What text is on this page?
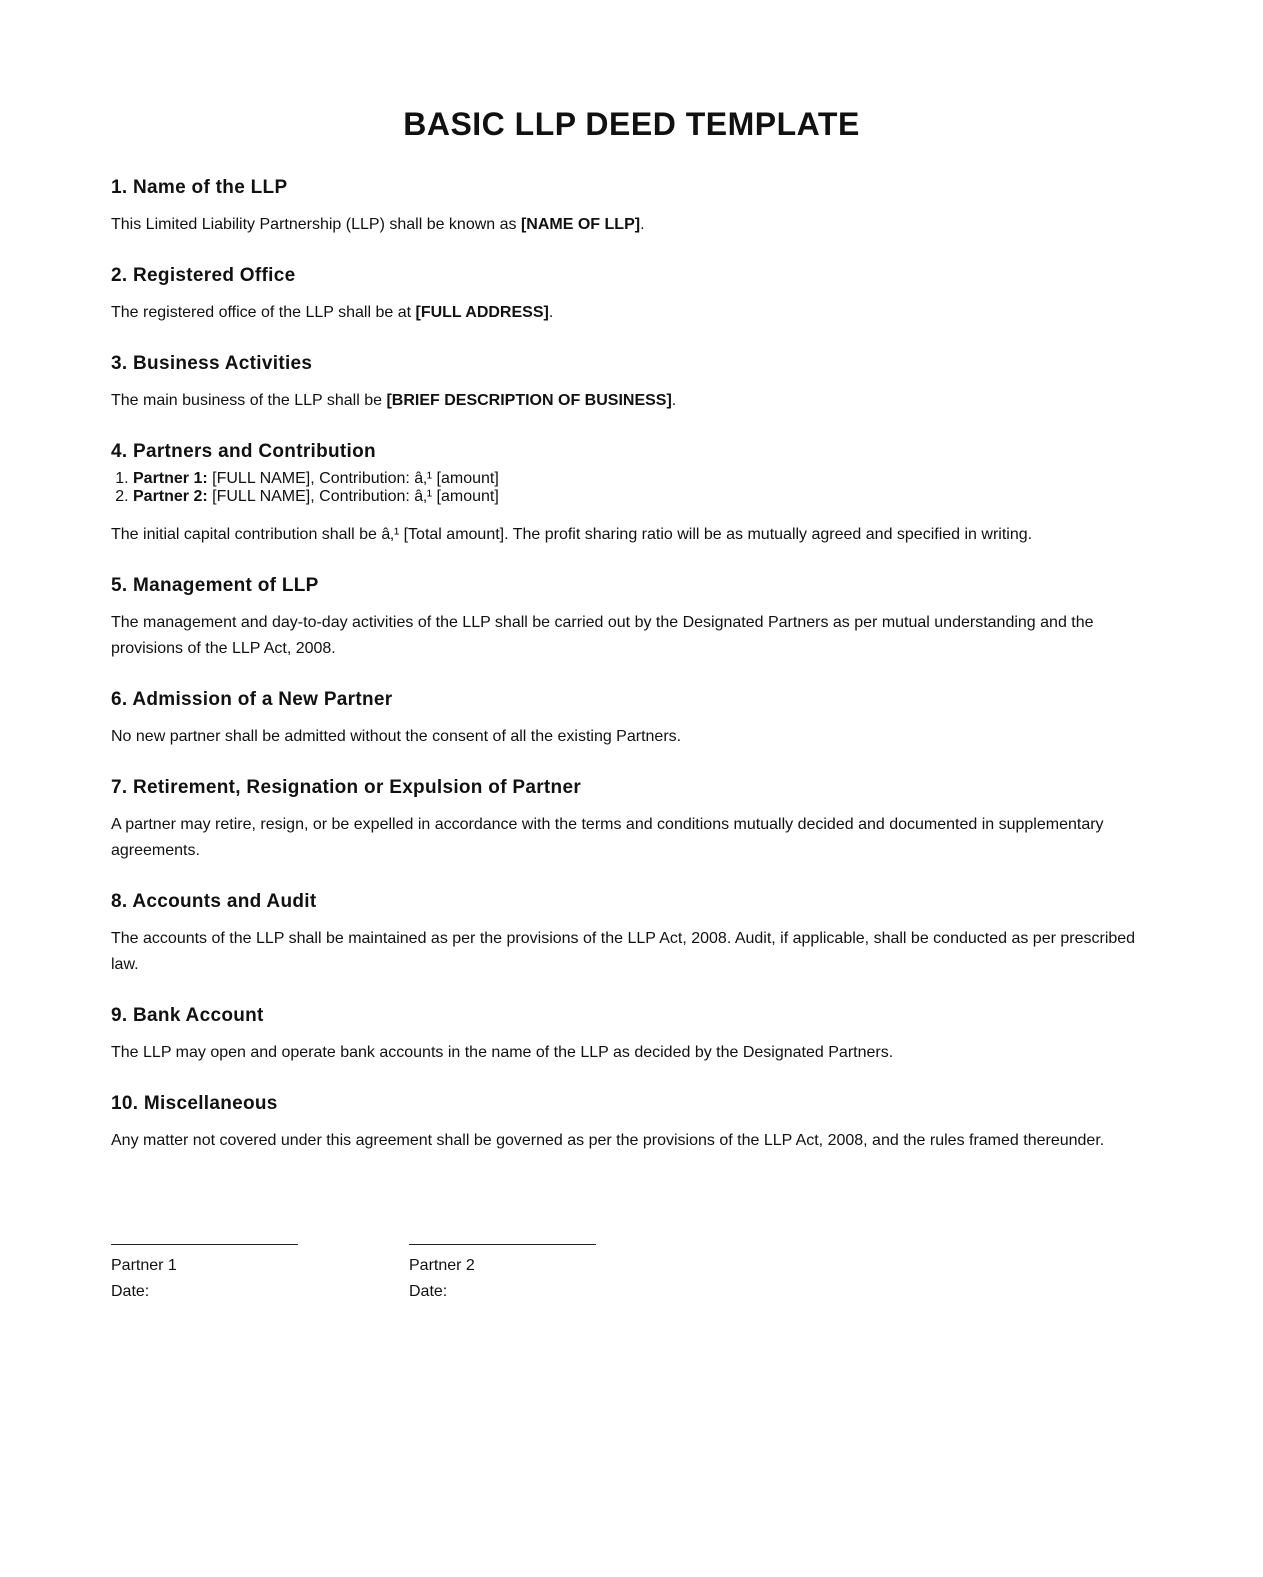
BASIC LLP DEED TEMPLATE
1. Name of the LLP

This Limited Liability Partnership (LLP) shall be known as [NAME OF LLP].

2. Registered Office

The registered office of the LLP shall be at [FULL ADDRESS].

3. Business Activities

The main business of the LLP shall be [BRIEF DESCRIPTION OF BUSINESS].

4. Partners and Contribution
1. Partner 1: [FULL NAME], Contribution: â‚¹ [amount]
2. Partner 2: [FULL NAME], Contribution: â‚¹ [amount]

The initial capital contribution shall be â‚¹ [Total amount]. The profit sharing ratio will be as mutually agreed and specified in writing.

5. Management of LLP

The management and day-to-day activities of the LLP shall be carried out by the Designated Partners as per mutual understanding and the provisions of the LLP Act, 2008.

6. Admission of a New Partner

No new partner shall be admitted without the consent of all the existing Partners.

7. Retirement, Resignation or Expulsion of Partner

A partner may retire, resign, or be expelled in accordance with the terms and conditions mutually decided and documented in supplementary agreements.

8. Accounts and Audit

The accounts of the LLP shall be maintained as per the provisions of the LLP Act, 2008. Audit, if applicable, shall be conducted as per prescribed law.

9. Bank Account

The LLP may open and operate bank accounts in the name of the LLP as decided by the Designated Partners.

10. Miscellaneous

Any matter not covered under this agreement shall be governed as per the provisions of the LLP Act, 2008, and the rules framed thereunder.

Partner 1
Date:
Partner 2
Date:
